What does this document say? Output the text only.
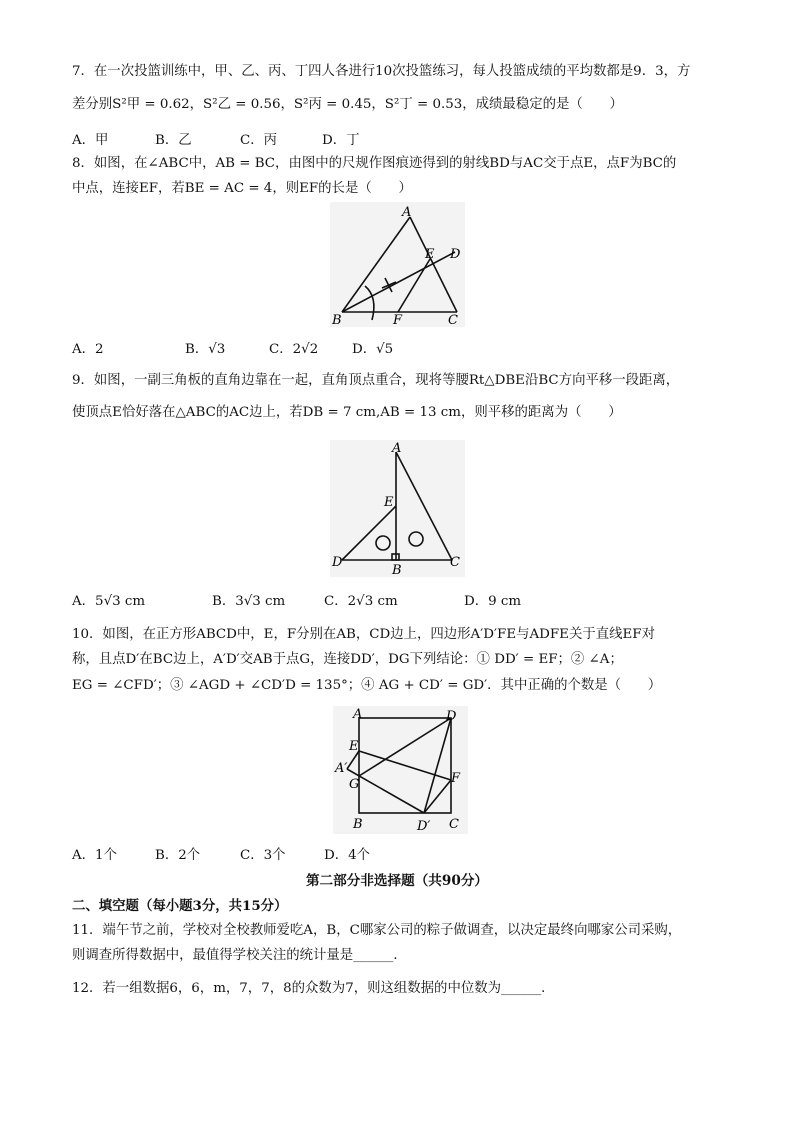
7．在一次投篮训练中，甲、乙、丙、丁四人各进行10次投篮练习，每人投篮成绩的平均数都是9．3，方
差分别S²甲 = 0.62，S²乙 = 0.56，S²丙 = 0.45，S²丁 = 0.53，成绩最稳定的是（　　）
A．甲	B．乙	C．丙	D．丁
8．如图，在∠ABC中，AB = BC，由图中的尺规作图痕迹得到的射线BD与AC交于点E，点F为BC的
中点，连接EF，若BE = AC = 4，则EF的长是（　　）
A
B	C
D
E
F
A．2	B．√3	C．2√2	D．√5
9．如图，一副三角板的直角边靠在一起，直角顶点重合，现将等腰Rt△DBE沿BC方向平移一段距离，
使顶点E恰好落在△ABC的AC边上，若DB = 7 cm,AB = 13 cm，则平移的距离为（　　）
A
B
C
D
E
A．5√3 cm	B．3√3 cm	C．2√3 cm	D．9 cm
10．如图，在正方形ABCD中，E，F分别在AB，CD边上，四边形A′D′FE与ADFE关于直线EF对
称，且点D′在BC边上，A′D′交AB于点G，连接DD′，DG下列结论：① DD′ = EF；② ∠A；
EG = ∠CFD′；③ ∠AGD + ∠CD′D = 135°；④ AG + CD′ = GD′．其中正确的个数是（　　）
A
B	C
D
E
F
G
A′
D′
A．1个	B．2个	C．3个	D．4个
第二部分非选择题（共90分）
二、填空题（每小题3分，共15分）
11．端午节之前，学校对全校教师爱吃A，B，C哪家公司的粽子做调查，以决定最终向哪家公司采购，
则调查所得数据中，最值得学校关注的统计量是______．
12．若一组数据6，6，m，7，7，8的众数为7，则这组数据的中位数为______．
